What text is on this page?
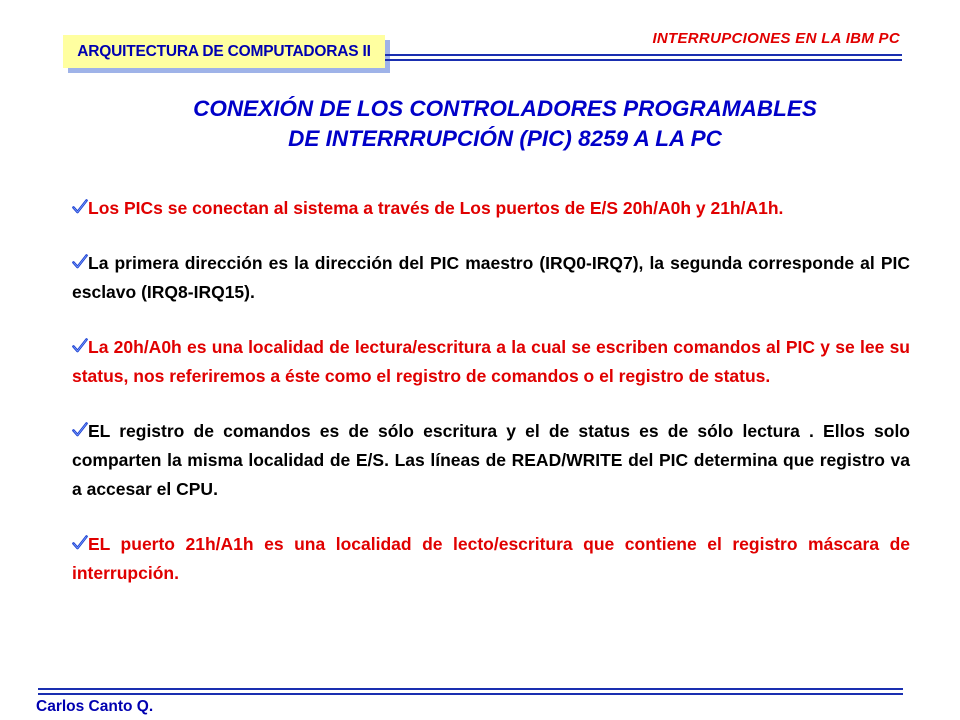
ARQUITECTURA DE COMPUTADORAS II
INTERRUPCIONES EN LA IBM PC
CONEXIÓN DE LOS CONTROLADORES PROGRAMABLES
DE INTERRRUPCIÓN (PIC) 8259 A LA PC
Los PICs se conectan al sistema a través de Los puertos de E/S 20h/A0h y 21h/A1h.
La primera dirección es la dirección del PIC maestro (IRQ0-IRQ7), la segunda corresponde al PIC esclavo (IRQ8-IRQ15).
La 20h/A0h es una localidad de lectura/escritura a la cual se escriben comandos al PIC y se lee su status, nos referiremos a éste como el registro de comandos o el registro de status.
EL registro de comandos es de sólo escritura y el de status es de sólo lectura . Ellos solo comparten la misma localidad de E/S. Las líneas de READ/WRITE del PIC determina que registro va a accesar el CPU.
EL puerto 21h/A1h es una localidad de lecto/escritura que contiene el registro máscara de interrupción.
Carlos Canto Q.
